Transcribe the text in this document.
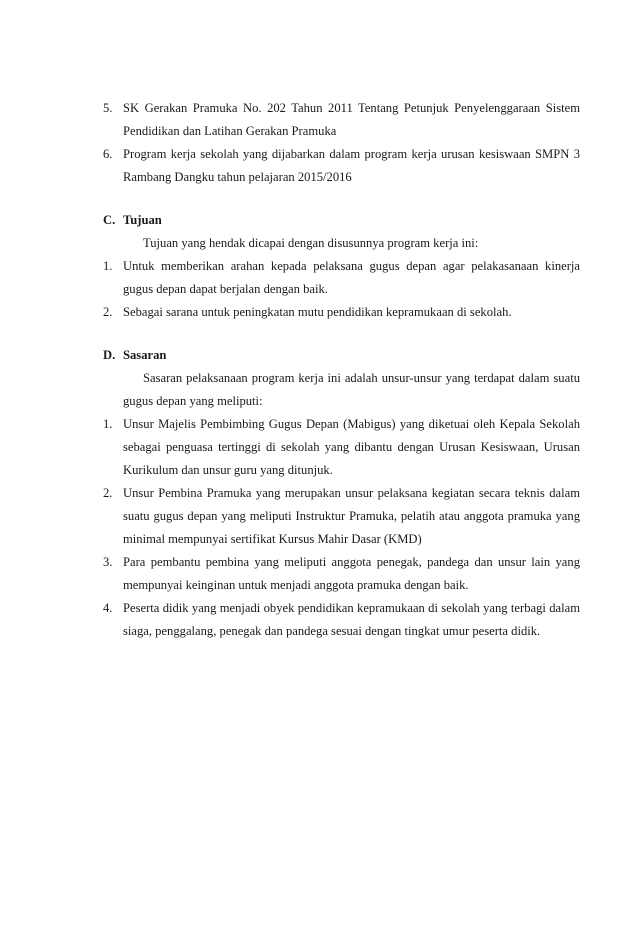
5. SK Gerakan Pramuka No. 202 Tahun 2011 Tentang Petunjuk Penyelenggaraan Sistem Pendidikan dan Latihan Gerakan Pramuka
6. Program kerja sekolah yang dijabarkan dalam program kerja urusan kesiswaan SMPN 3 Rambang Dangku tahun pelajaran 2015/2016

C. Tujuan

Tujuan yang hendak dicapai dengan disusunnya program kerja ini:

1. Untuk memberikan arahan kepada pelaksana gugus depan agar pelakasanaan kinerja gugus depan dapat berjalan dengan baik.
2. Sebagai sarana untuk peningkatan mutu pendidikan kepramukaan di sekolah.

D. Sasaran

Sasaran pelaksanaan program kerja ini adalah unsur-unsur yang terdapat dalam suatu gugus depan yang meliputi:

1. Unsur Majelis Pembimbing Gugus Depan (Mabigus) yang diketuai oleh Kepala Sekolah sebagai penguasa tertinggi di sekolah yang dibantu dengan Urusan Kesiswaan, Urusan Kurikulum dan unsur guru yang ditunjuk.
2. Unsur Pembina Pramuka yang merupakan unsur pelaksana kegiatan secara teknis dalam suatu gugus depan yang meliputi Instruktur Pramuka, pelatih atau anggota pramuka yang minimal mempunyai sertifikat Kursus Mahir Dasar (KMD)
3. Para pembantu pembina yang meliputi anggota penegak, pandega dan unsur lain yang mempunyai keinginan untuk menjadi anggota pramuka dengan baik.
4. Peserta didik yang menjadi obyek pendidikan kepramukaan di sekolah yang terbagi dalam siaga, penggalang, penegak dan pandega sesuai dengan tingkat umur peserta didik.
